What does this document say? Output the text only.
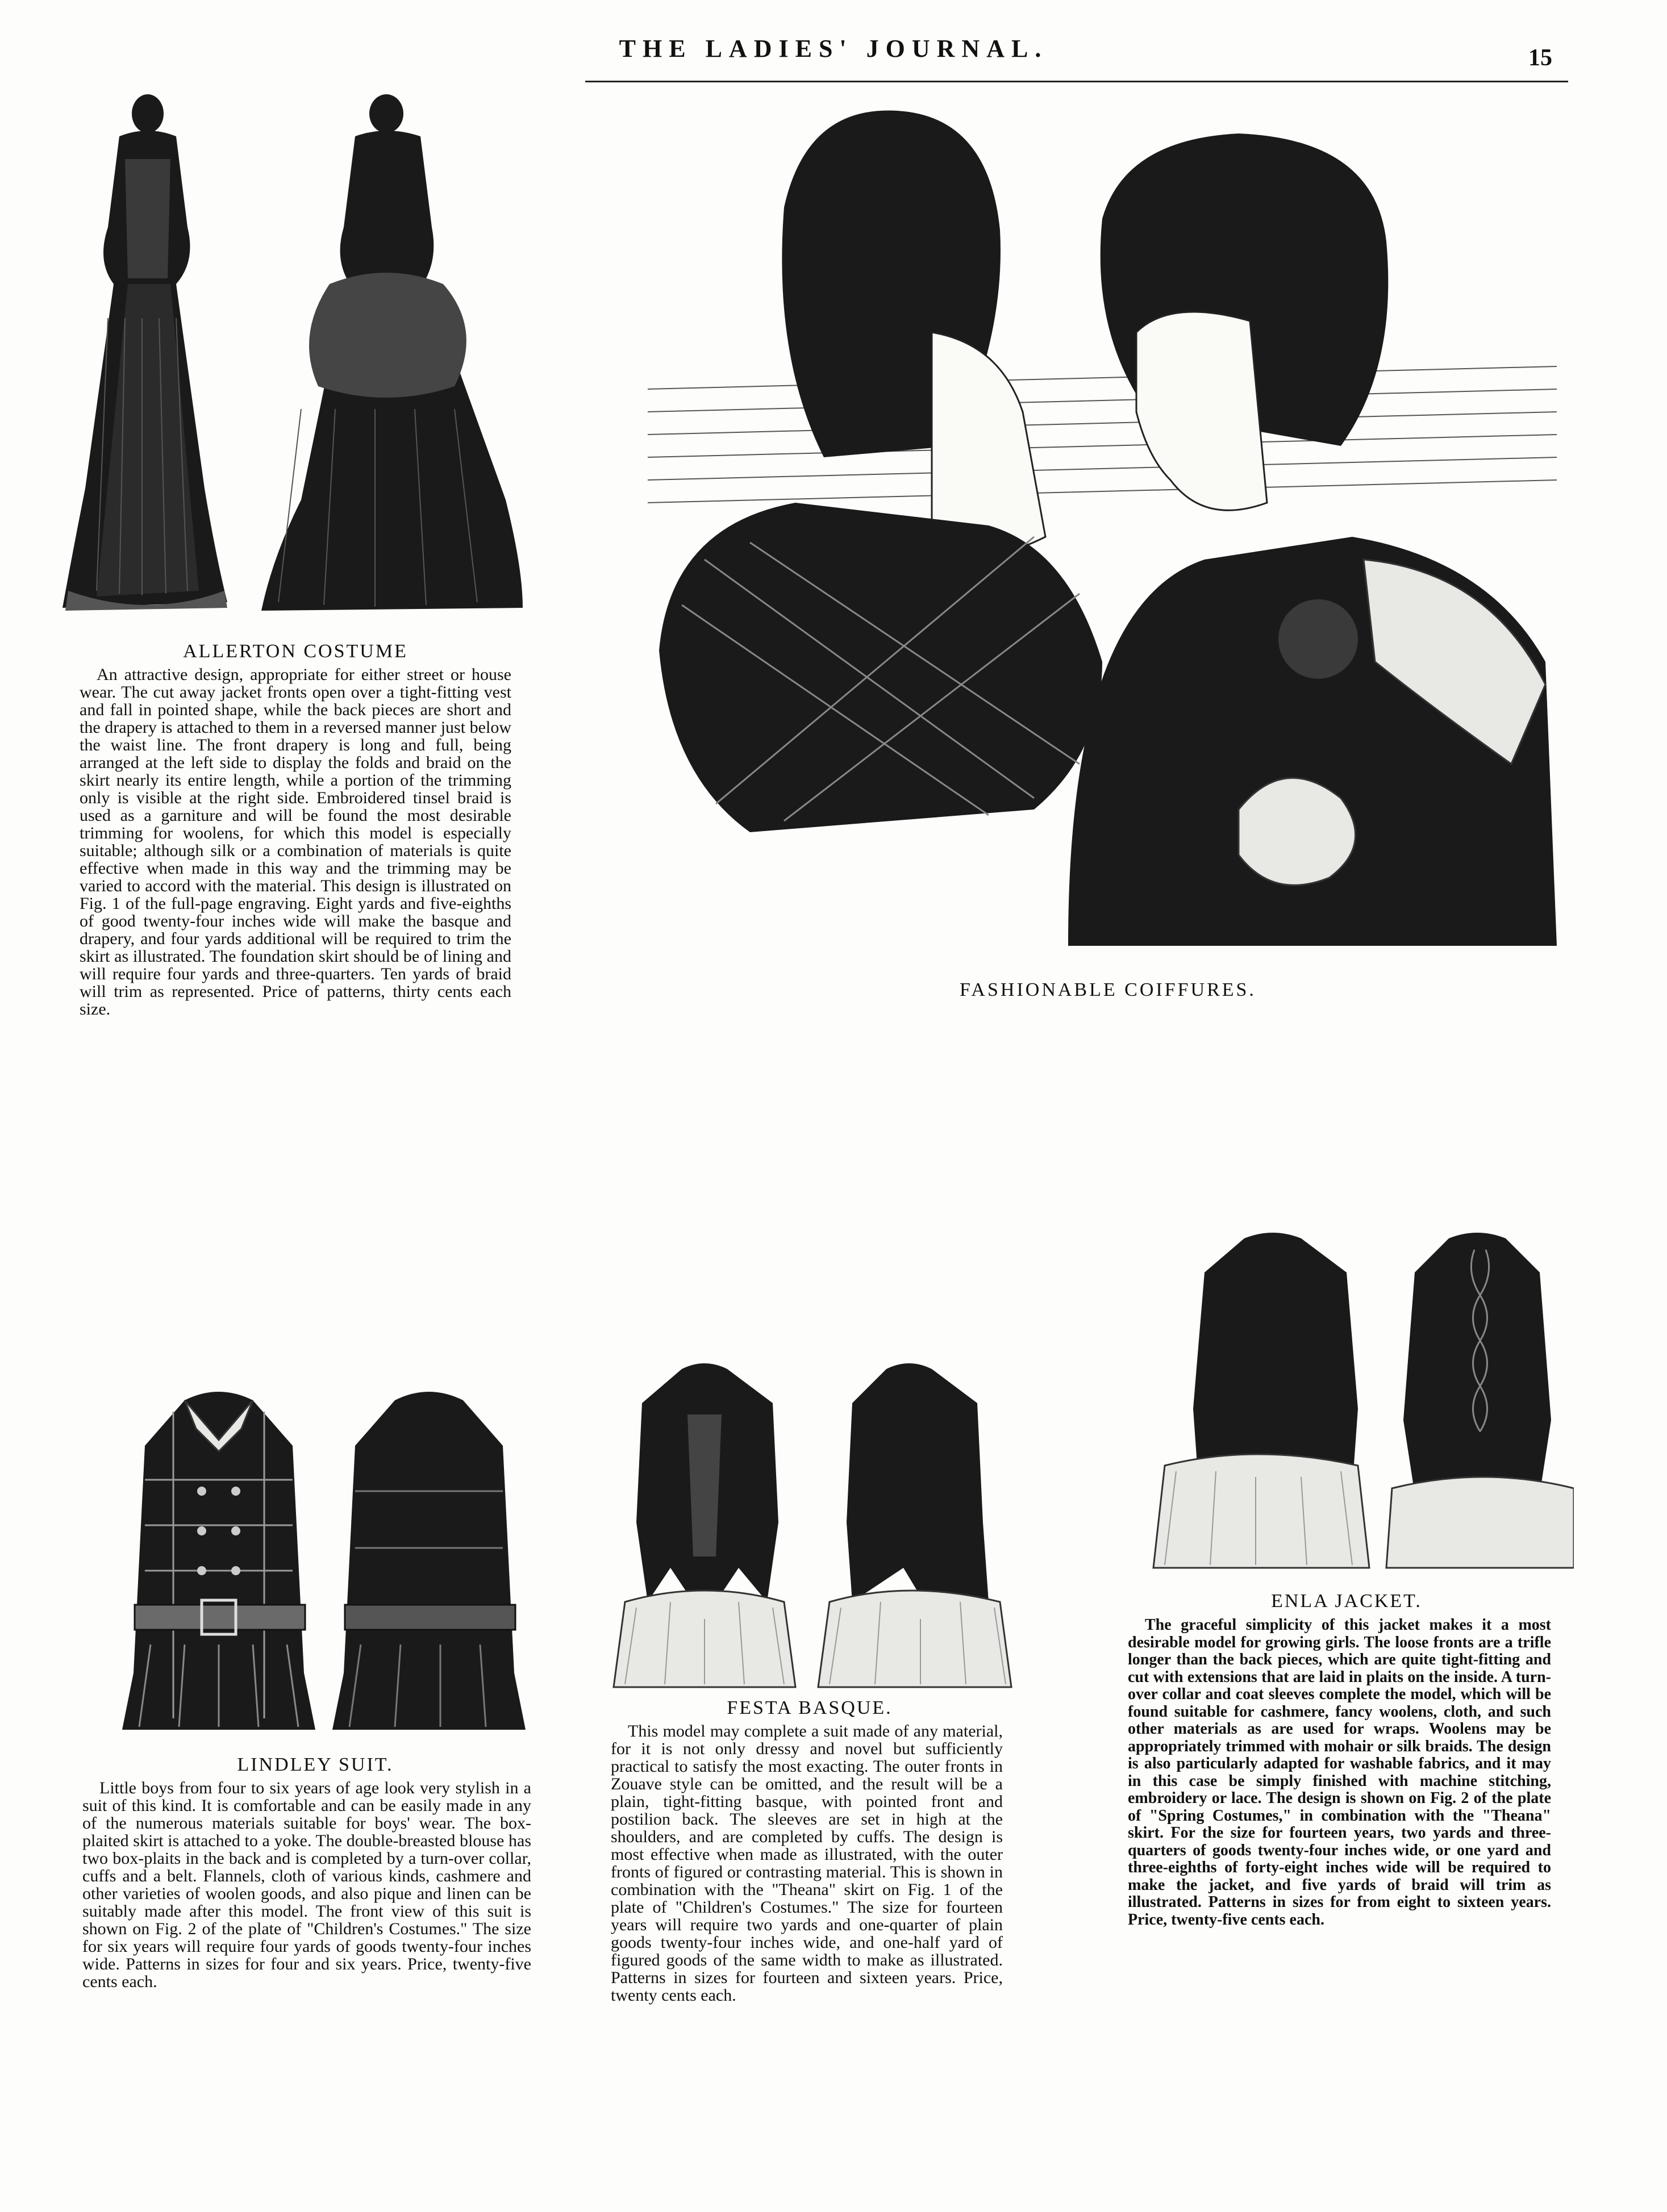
THE LADIES' JOURNAL.	15
ALLERTON COSTUME
An attractive design, appropriate for either street or house wear. The cut away jacket fronts open over a tight-fitting vest and fall in pointed shape, while the back pieces are short and the drapery is attached to them in a reversed manner just below the waist line. The front drapery is long and full, being arranged at the left side to display the folds and braid on the skirt nearly its entire length, while a portion of the trimming only is visible at the right side. Embroidered tinsel braid is used as a garniture and will be found the most desirable trimming for woolens, for which this model is especially suitable; although silk or a combination of materials is quite effective when made in this way and the trimming may be varied to accord with the material. This design is illustrated on Fig. 1 of the full-page engraving. Eight yards and five-eighths of good twenty-four inches wide will make the basque and drapery, and four yards additional will be required to trim the skirt as illustrated. The foundation skirt should be of lining and will require four yards and three-quarters. Ten yards of braid will trim as represented. Price of patterns, thirty cents each size.
FASHIONABLE COIFFURES.
LINDLEY SUIT.
Little boys from four to six years of age look very stylish in a suit of this kind. It is comfortable and can be easily made in any of the numerous materials suitable for boys' wear. The box-plaited skirt is attached to a yoke. The double-breasted blouse has two box-plaits in the back and is completed by a turn-over collar, cuffs and a belt. Flannels, cloth of various kinds, cashmere and other varieties of woolen goods, and also pique and linen can be suitably made after this model. The front view of this suit is shown on Fig. 2 of the plate of "Children's Costumes." The size for six years will require four yards of goods twenty-four inches wide. Patterns in sizes for four and six years. Price, twenty-five cents each.
FESTA BASQUE.
This model may complete a suit made of any material, for it is not only dressy and novel but sufficiently practical to satisfy the most exacting. The outer fronts in Zouave style can be omitted, and the result will be a plain, tight-fitting basque, with pointed front and postilion back. The sleeves are set in high at the shoulders, and are completed by cuffs. The design is most effective when made as illustrated, with the outer fronts of figured or contrasting material. This is shown in combination with the "Theana" skirt on Fig. 1 of the plate of "Children's Costumes." The size for fourteen years will require two yards and one-quarter of plain goods twenty-four inches wide, and one-half yard of figured goods of the same width to make as illustrated. Patterns in sizes for fourteen and sixteen years. Price, twenty cents each.
ENLA JACKET.
The graceful simplicity of this jacket makes it a most desirable model for growing girls. The loose fronts are a trifle longer than the back pieces, which are quite tight-fitting and cut with extensions that are laid in plaits on the inside. A turn-over collar and coat sleeves complete the model, which will be found suitable for cashmere, fancy woolens, cloth, and such other materials as are used for wraps. Woolens may be appropriately trimmed with mohair or silk braids. The design is also particularly adapted for washable fabrics, and it may in this case be simply finished with machine stitching, embroidery or lace. The design is shown on Fig. 2 of the plate of "Spring Costumes," in combination with the "Theana" skirt. For the size for fourteen years, two yards and three-quarters of goods twenty-four inches wide, or one yard and three-eighths of forty-eight inches wide will be required to make the jacket, and five yards of braid will trim as illustrated. Patterns in sizes for from eight to sixteen years. Price, twenty-five cents each.
